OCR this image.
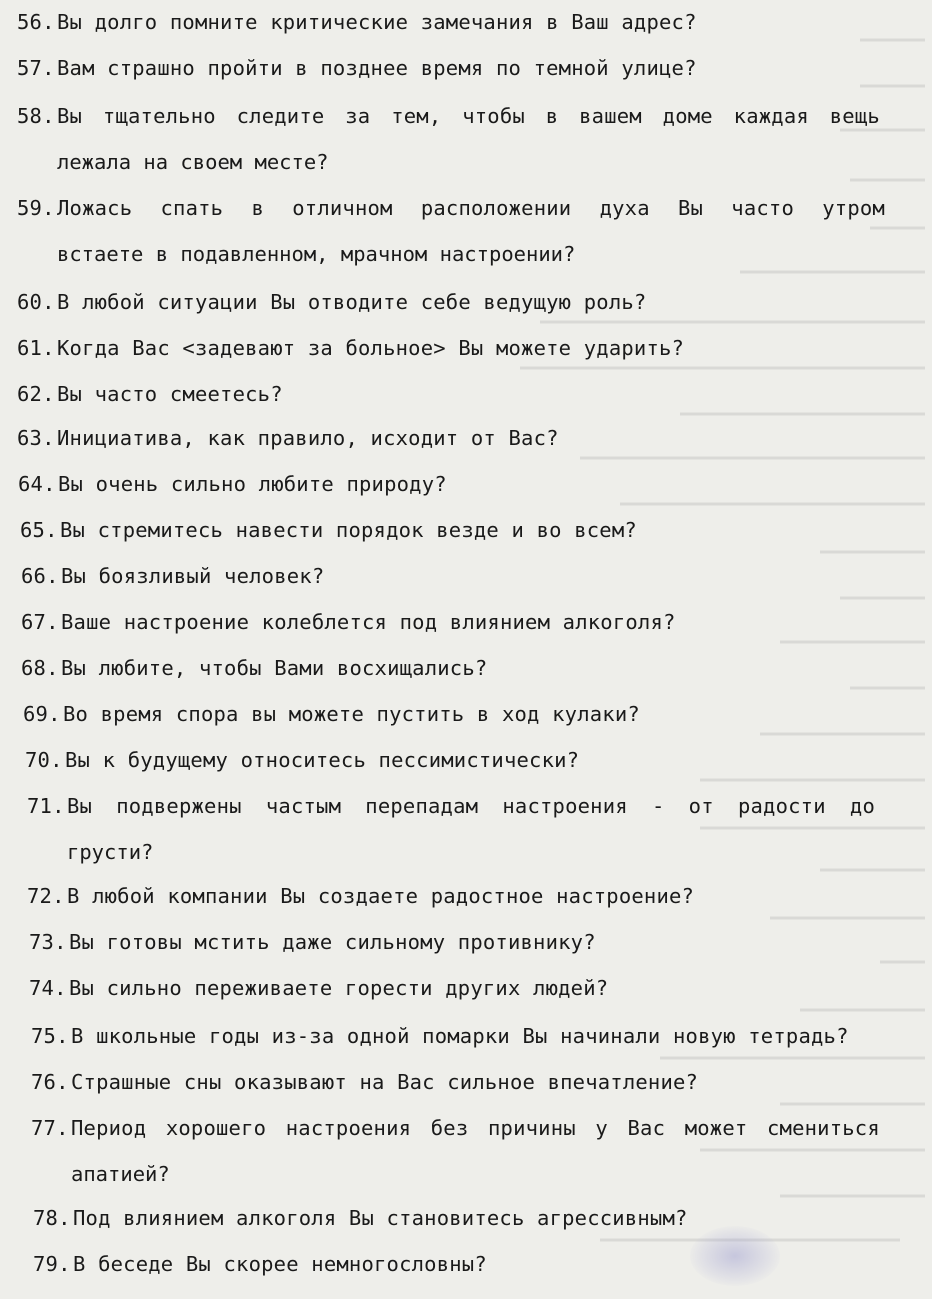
56. Вы долго помните критические замечания в Ваш адрес?
57. Вам страшно пройти в позднее время по темной улице?
58. Вы тщательно следите за тем, чтобы в вашем доме каждая вещь
лежала на своем месте?
59. Ложась спать в отличном расположении духа Вы часто утром
встаете в подавленном, мрачном настроении?
60. В любой ситуации Вы отводите себе ведущую роль?
61. Когда Вас <задевают за больное> Вы можете ударить?
62. Вы часто смеетесь?
63. Инициатива, как правило, исходит от Вас?
64. Вы очень сильно любите природу?
65. Вы стремитесь навести порядок везде и во всем?
66. Вы боязливый человек?
67. Ваше настроение колеблется под влиянием алкоголя?
68. Вы любите, чтобы Вами восхищались?
69. Во время спора вы можете пустить в ход кулаки?
70. Вы к будущему относитесь пессимистически?
71. Вы подвержены частым перепадам настроения - от радости до
грусти?
72. В любой компании Вы создаете радостное настроение?
73. Вы готовы мстить даже сильному противнику?
74. Вы сильно переживаете горести других людей?
75. В школьные годы из-за одной помарки Вы начинали новую тетрадь?
76. Страшные сны оказывают на Вас сильное впечатление?
77. Период хорошего настроения без причины у Вас может смениться
апатией?
78. Под влиянием алкоголя Вы становитесь агрессивным?
79. В беседе Вы скорее немногословны?
